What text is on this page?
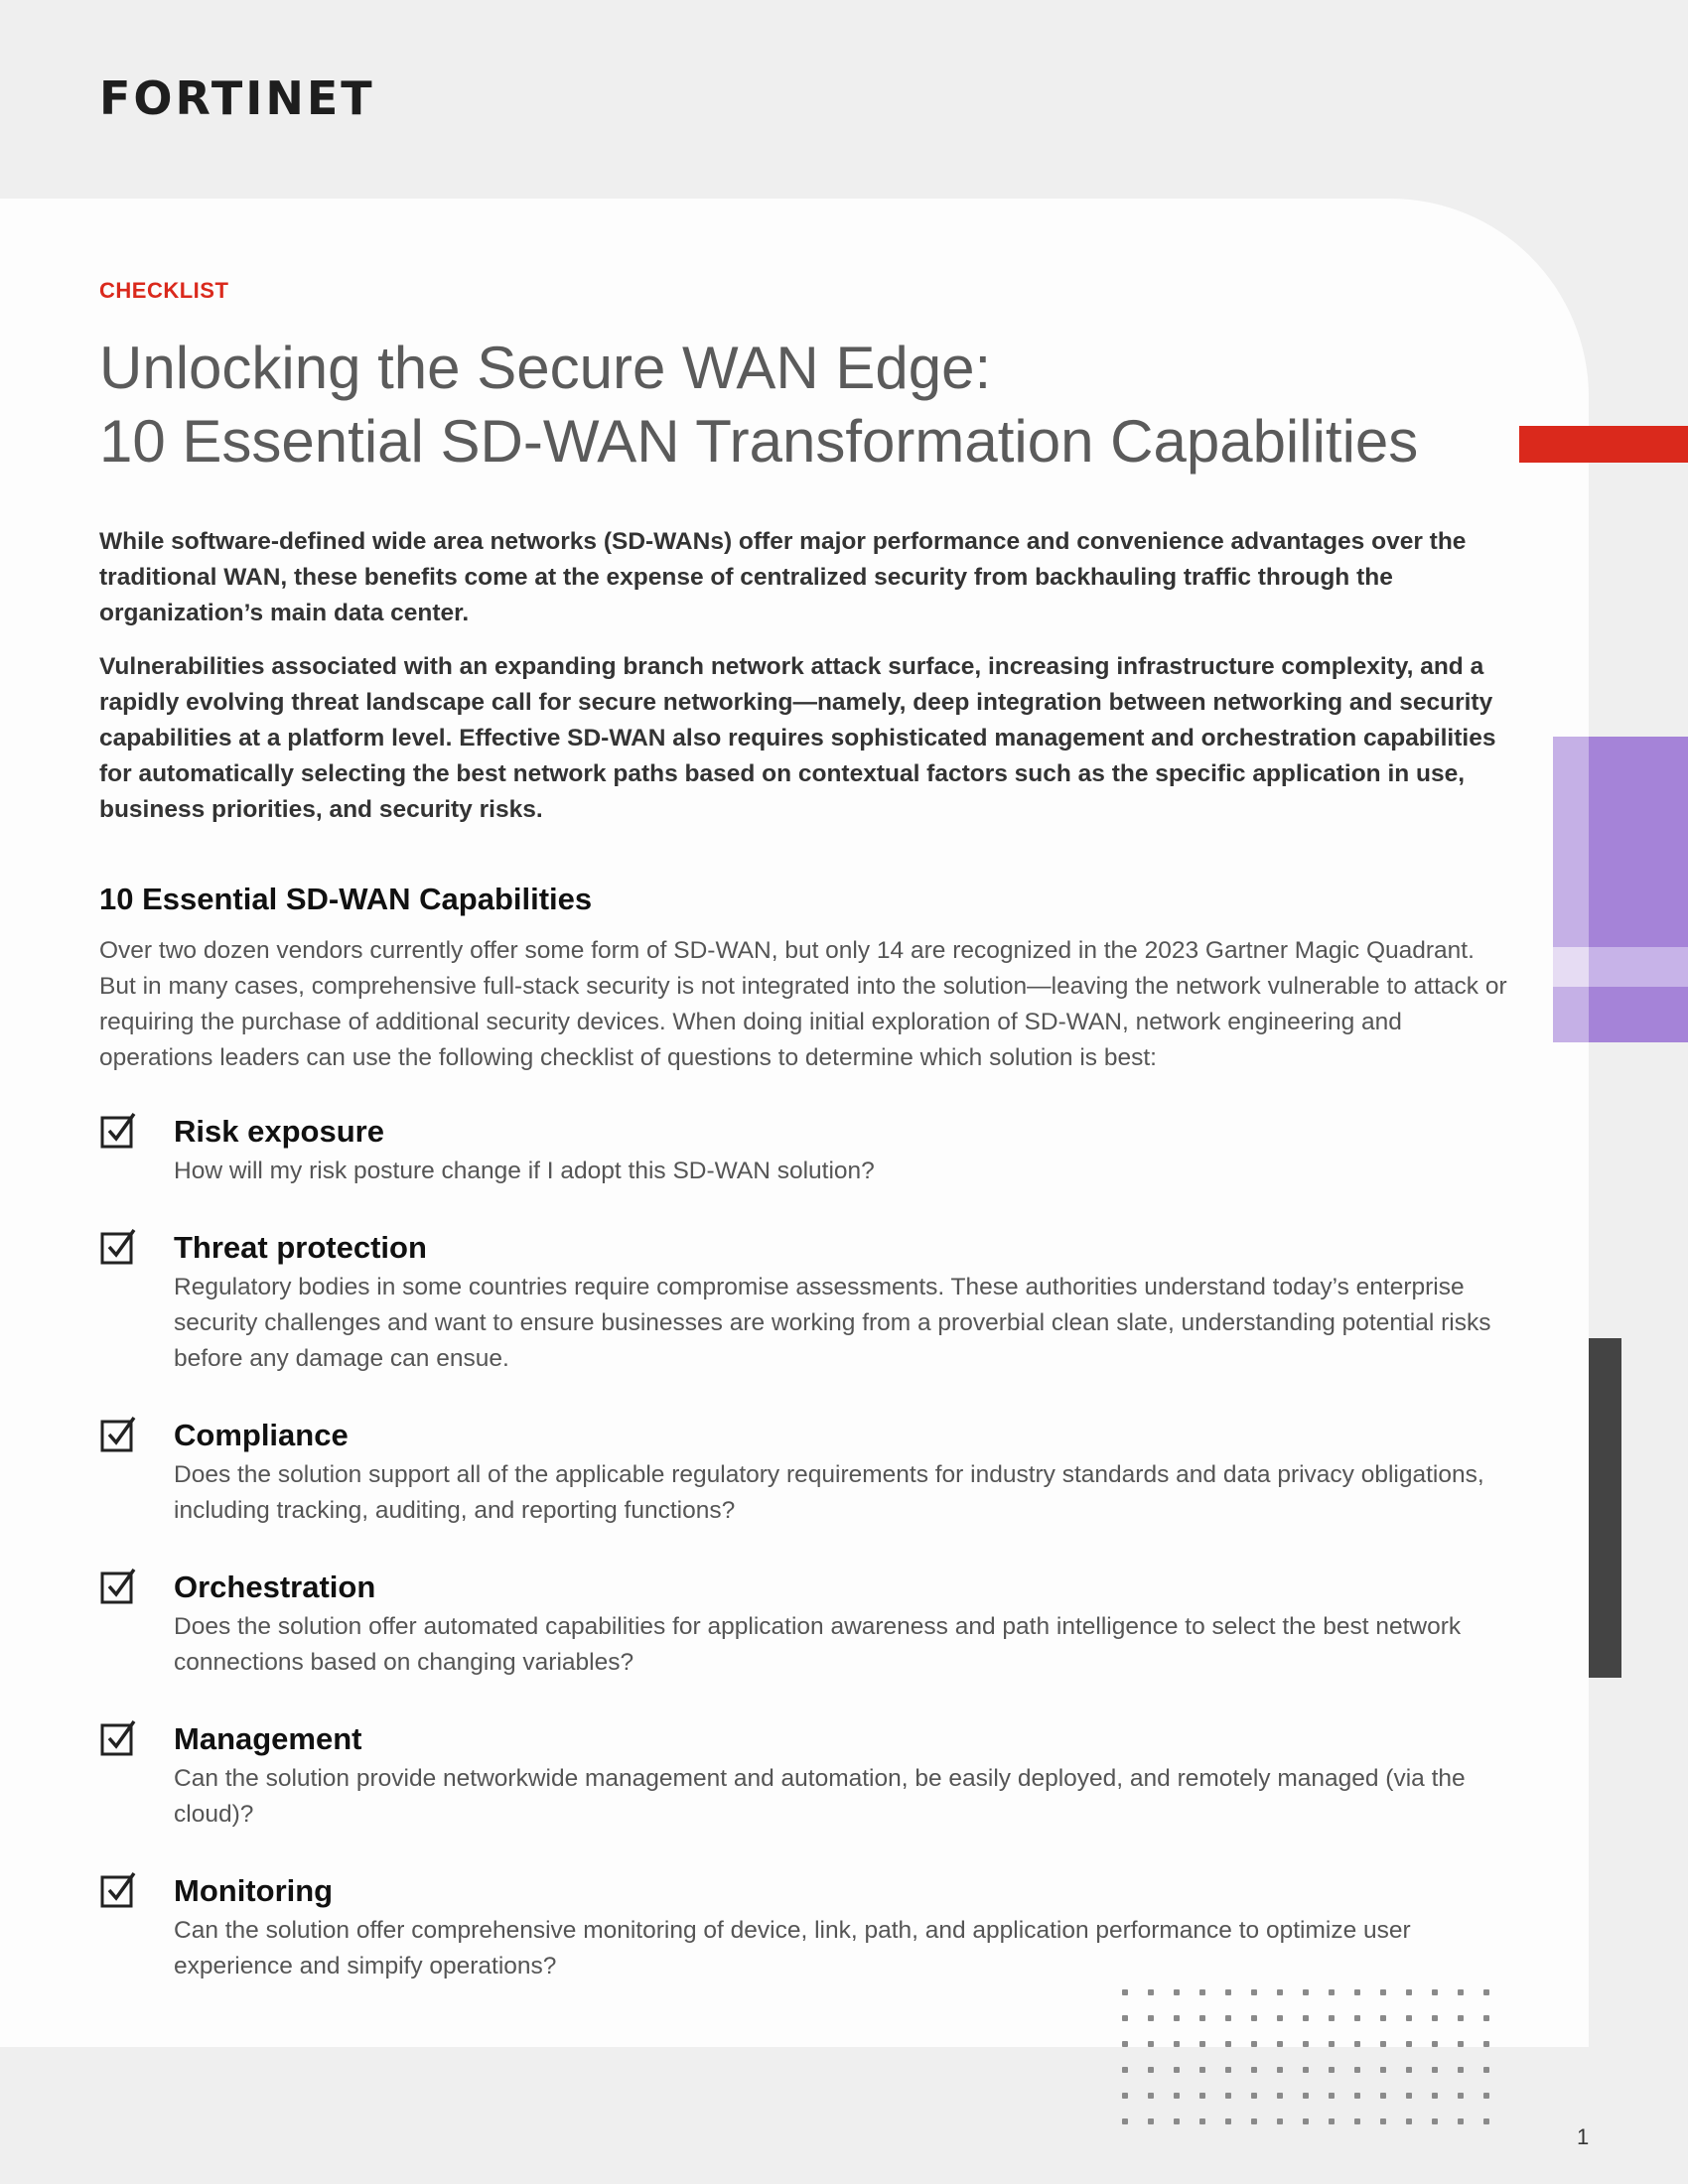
FORTINET
CHECKLIST
Unlocking the Secure WAN Edge:
10 Essential SD-WAN Transformation Capabilities

While software-defined wide area networks (SD-WANs) offer major performance and convenience advantages over the traditional WAN, these benefits come at the expense of centralized security from backhauling traffic through the organization’s main data center.

Vulnerabilities associated with an expanding branch network attack surface, increasing infrastructure complexity, and a rapidly evolving threat landscape call for secure networking—namely, deep integration between networking and security capabilities at a platform level. Effective SD-WAN also requires sophisticated management and orchestration capabilities for automatically selecting the best network paths based on contextual factors such as the specific application in use, business priorities, and security risks.

10 Essential SD-WAN Capabilities

Over two dozen vendors currently offer some form of SD-WAN, but only 14 are recognized in the 2023 Gartner Magic Quadrant. But in many cases, comprehensive full-stack security is not integrated into the solution—leaving the network vulnerable to attack or requiring the purchase of additional security devices. When doing initial exploration of SD-WAN, network engineering and operations leaders can use the following checklist of questions to determine which solution is best:

Risk exposure

How will my risk posture change if I adopt this SD-WAN solution?

Threat protection

Regulatory bodies in some countries require compromise assessments. These authorities understand today’s enterprise security challenges and want to ensure businesses are working from a proverbial clean slate, understanding potential risks before any damage can ensue.

Compliance

Does the solution support all of the applicable regulatory requirements for industry standards and data privacy obligations, including tracking, auditing, and reporting functions?

Orchestration

Does the solution offer automated capabilities for application awareness and path intelligence to select the best network connections based on changing variables?

Management

Can the solution provide networkwide management and automation, be easily deployed, and remotely managed (via the cloud)?

Monitoring

Can the solution offer comprehensive monitoring of device, link, path, and application performance to optimize user experience and simpify operations?

1
